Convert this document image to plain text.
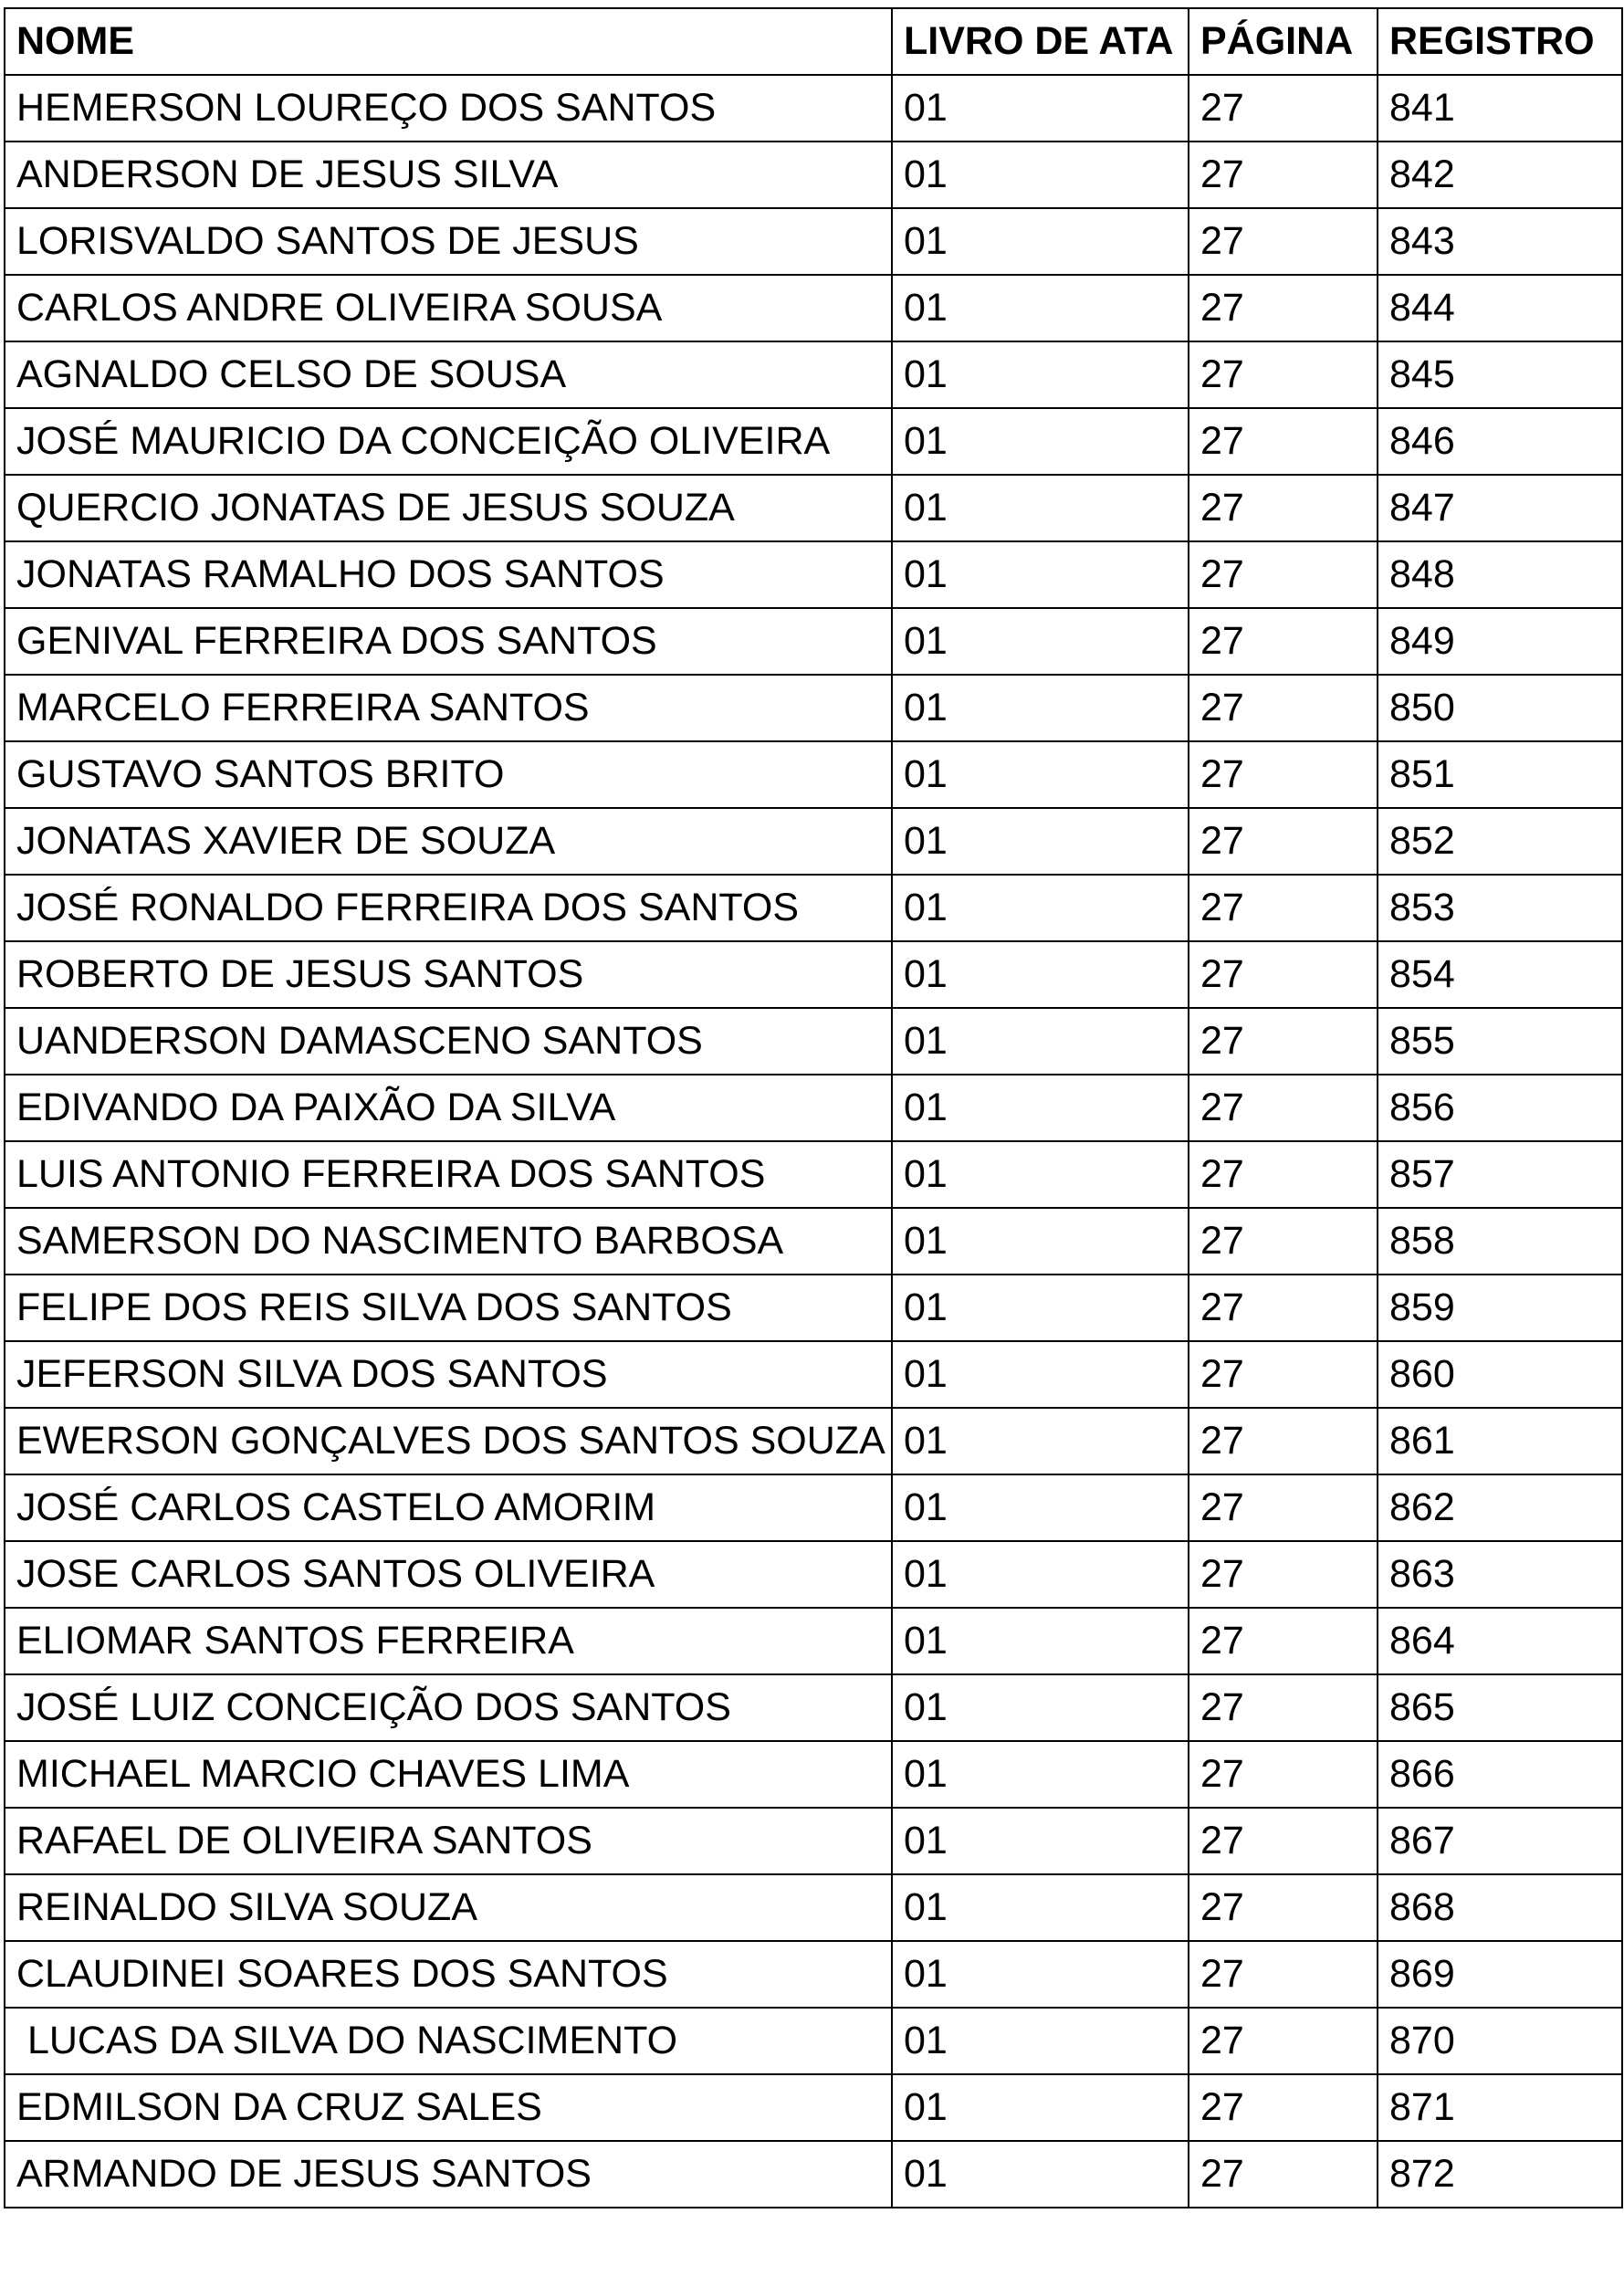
NOME	LIVRO DE ATA	PÁGINA	REGISTRO
HEMERSON LOUREÇO DOS SANTOS	01	27	841
ANDERSON DE JESUS SILVA	01	27	842
LORISVALDO SANTOS DE JESUS	01	27	843
CARLOS ANDRE OLIVEIRA SOUSA	01	27	844
AGNALDO CELSO DE SOUSA	01	27	845
JOSÉ MAURICIO DA CONCEIÇÃO OLIVEIRA	01	27	846
QUERCIO JONATAS DE JESUS SOUZA	01	27	847
JONATAS RAMALHO DOS SANTOS	01	27	848
GENIVAL FERREIRA DOS SANTOS	01	27	849
MARCELO FERREIRA SANTOS	01	27	850
GUSTAVO SANTOS BRITO	01	27	851
JONATAS XAVIER DE SOUZA	01	27	852
JOSÉ RONALDO FERREIRA DOS SANTOS	01	27	853
ROBERTO DE JESUS SANTOS	01	27	854
UANDERSON DAMASCENO SANTOS	01	27	855
EDIVANDO DA PAIXÃO DA SILVA	01	27	856
LUIS ANTONIO FERREIRA DOS SANTOS	01	27	857
SAMERSON DO NASCIMENTO BARBOSA	01	27	858
FELIPE DOS REIS SILVA DOS SANTOS	01	27	859
JEFERSON SILVA DOS SANTOS	01	27	860
EWERSON GONÇALVES DOS SANTOS SOUZA	01	27	861
JOSÉ CARLOS CASTELO AMORIM	01	27	862
JOSE CARLOS SANTOS OLIVEIRA	01	27	863
ELIOMAR SANTOS FERREIRA	01	27	864
JOSÉ LUIZ CONCEIÇÃO DOS SANTOS	01	27	865
MICHAEL MARCIO CHAVES LIMA	01	27	866
RAFAEL DE OLIVEIRA SANTOS	01	27	867
REINALDO SILVA SOUZA	01	27	868
CLAUDINEI SOARES DOS SANTOS	01	27	869
LUCAS DA SILVA DO NASCIMENTO	01	27	870
EDMILSON DA CRUZ SALES	01	27	871
ARMANDO DE JESUS SANTOS	01	27	872
